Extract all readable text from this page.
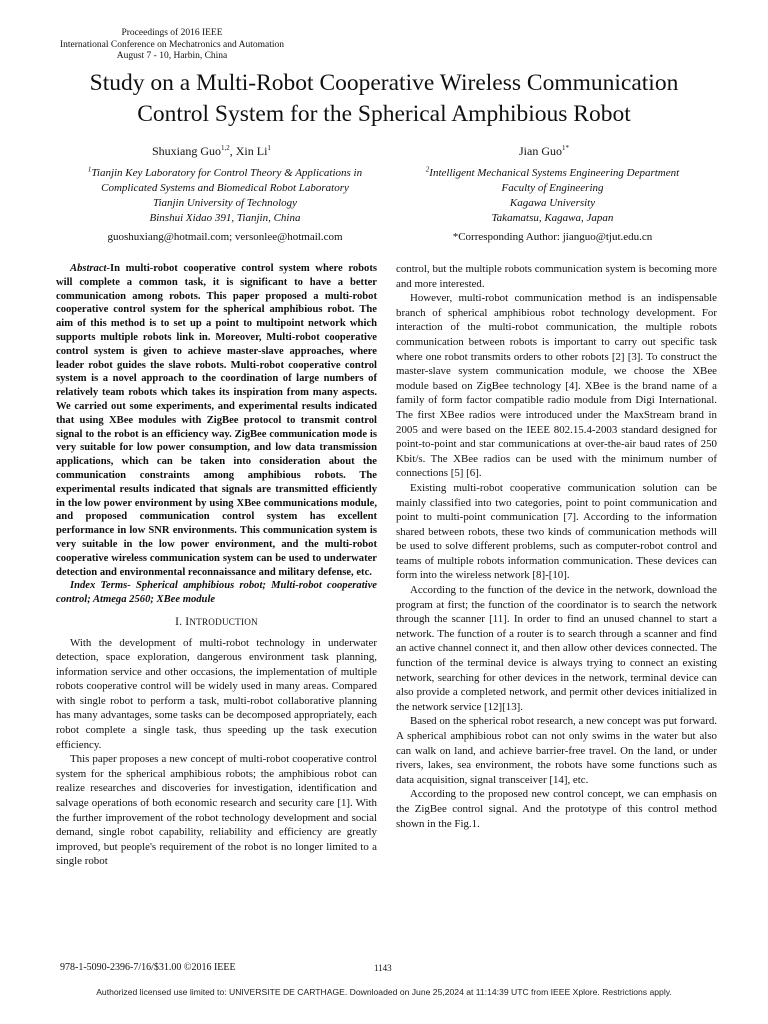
Proceedings of 2016 IEEE
International Conference on Mechatronics and Automation
August 7 - 10, Harbin, China
Study on a Multi-Robot Cooperative Wireless Communication
Control System for the Spherical Amphibious Robot
Shuxiang Guo$^{1,2}$, Xin Li$^1$	Jian Guo$^{1*}$
$^1$Tianjin Key Laboratory for Control Theory & Applications in
Complicated Systems and Biomedical Robot Laboratory
Tianjin University of Technology
Binshui Xidao 391, Tianjin, China
$^2$Intelligent Mechanical Systems Engineering Department
Faculty of Engineering
Kagawa University
Takamatsu, Kagawa, Japan
guoshuxiang@hotmail.com; versonlee@hotmail.com	*Corresponding Author: jianguo@tjut.edu.cn

Abstract-In multi-robot cooperative control system where robots will complete a common task, it is significant to have a better communication among robots. This paper proposed a multi-robot cooperative control system for the spherical amphibious robot. The aim of this method is to set up a point to multipoint network which supports multiple robots link in. Moreover, Multi-robot cooperative control system is given to achieve master-slave approaches, where leader robot guides the slave robots. Multi-robot cooperative control system is a novel approach to the coordination of large numbers of relatively team robots which takes its inspiration from many aspects. We carried out some experiments, and experimental results indicated that using XBee modules with ZigBee protocol to transmit control signal to the robot is an efficiency way. ZigBee communication mode is very suitable for low power consumption, and low data transmission applications, which can be taken into consideration about the communication constraints among amphibious robots. The experimental results indicated that signals are transmitted efficiently in the low power environment by using XBee communications module, and proposed communication control system has excellent performance in low SNR environments. This communication system is very suitable in the low power environment, and the multi-robot cooperative wireless communication system can be used to underwater detection and environmental reconnaissance and military defense, etc.

Index Terms- Spherical amphibious robot; Multi-robot cooperative control; Atmega 2560; XBee module

I. INTRODUCTION

With the development of multi-robot technology in underwater detection, space exploration, dangerous environment task planning, information service and other occasions, the implementation of multiple robots cooperative control will be widely used in many areas. Compared with single robot to perform a task, multi-robot collaborative planning has many advantages, some tasks can be decomposed appropriately, each robot complete a single task, thus speeding up the task execution efficiency.

This paper proposes a new concept of multi-robot cooperative control system for the spherical amphibious robots; the amphibious robot can realize researches and discoveries for investigation, identification and salvage operations of both economic research and security care [1]. With the further improvement of the robot technology development and social demand, single robot capability, reliability and efficiency are greatly improved, but people's requirement of the robot is no longer limited to a single robot

control, but the multiple robots communication system is becoming more and more interested.

However, multi-robot communication method is an indispensable branch of spherical amphibious robot technology development. For interaction of the multi-robot communication, the multiple robots communication between robots is important to carry out specific task where one robot transmits orders to other robots [2] [3]. To construct the master-slave system communication module, we choose the XBee module based on ZigBee technology [4]. XBee is the brand name of a family of form factor compatible radio module from Digi International. The first XBee radios were introduced under the MaxStream brand in 2005 and were based on the IEEE 802.15.4-2003 standard designed for point-to-point and star communications at over-the-air baud rates of 250 Kbit/s. The XBee radios can be used with the minimum number of connections [5] [6].

Existing multi-robot cooperative communication solution can be mainly classified into two categories, point to point communication and point to multi-point communication [7]. According to the information shared between robots, these two kinds of communication methods will be used to solve different problems, such as computer-robot control and teams of multiple robots information communication. These devices can form into the wireless network [8]-[10].

According to the function of the device in the network, download the program at first; the function of the coordinator is to search the network through the scanner [11]. In order to find an unused channel to start a network. The function of a router is to search through a scanner and find an active channel connect it, and then allow other devices connected. The function of the terminal device is always trying to connect an existing network, searching for other devices in the network, terminal device can also provide a completed network, and permit other devices initialized in the network service [12][13].

Based on the spherical robot research, a new concept was put forward. A spherical amphibious robot can not only swims in the water but also can walk on land, and achieve barrier-free travel. On the land, or under rivers, lakes, sea environment, the robots have some functions such as data acquisition, signal transceiver [14], etc.

According to the proposed new control concept, we can emphasis on the ZigBee control signal. And the prototype of this control method shown in the Fig.1.

978-1-5090-2396-7/16/$31.00 ©2016 IEEE	1143
Authorized licensed use limited to: UNIVERSITE DE CARTHAGE. Downloaded on June 25,2024 at 11:14:39 UTC from IEEE Xplore. Restrictions apply.
